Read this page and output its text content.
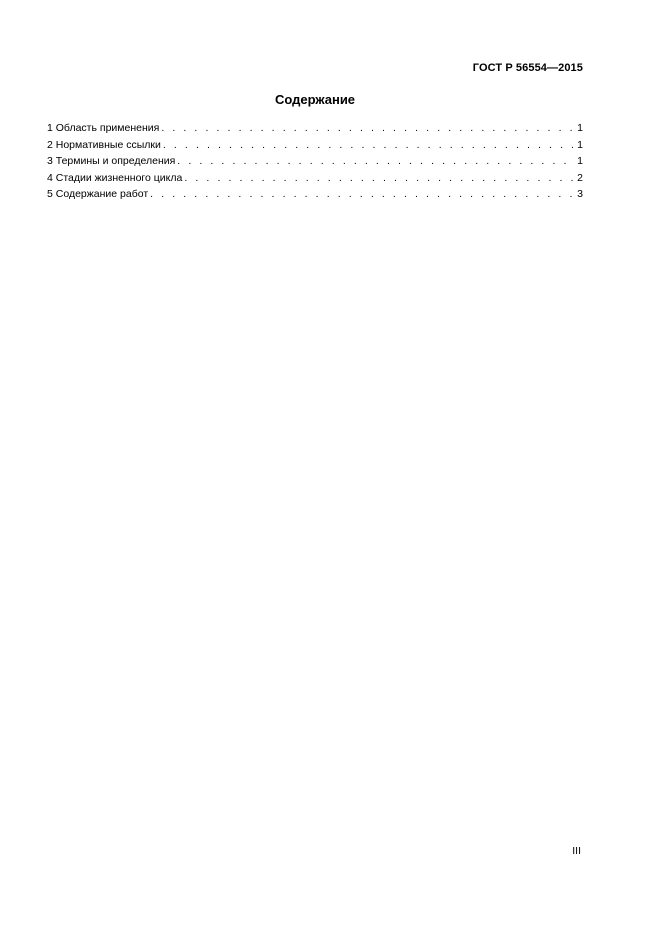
ГОСТ Р 56554—2015
Содержание
1 Область применения . . .	1
2 Нормативные ссылки . . .	1
3 Термины и определения . . .	1
4 Стадии жизненного цикла . . .	2
5 Содержание работ . . .	3
III
